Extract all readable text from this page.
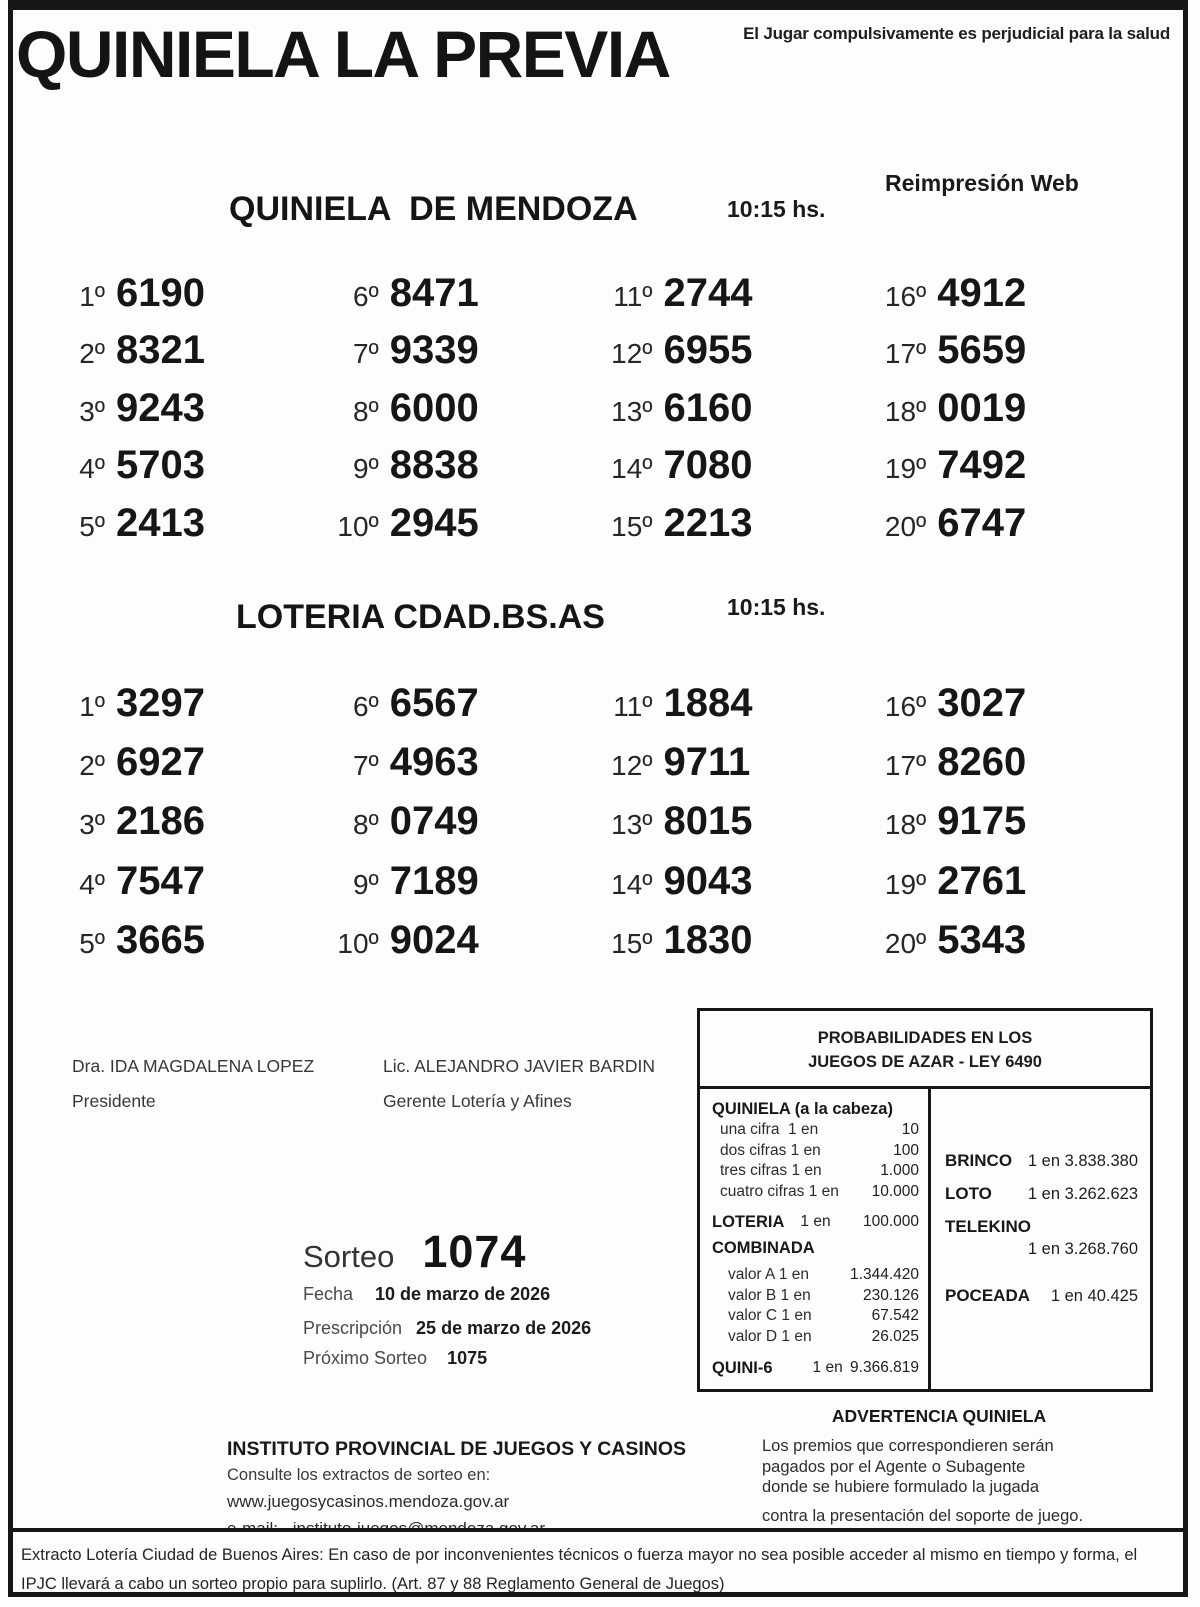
QUINIELA LA PREVIA	El Jugar compulsivamente es perjudicial para la salud
QUINIELA  DE MENDOZA	10:15 hs.
Reimpresión Web
1º 6190
2º 8321
3º 9243
4º 5703
5º 2413
6º 8471
7º 9339
8º 6000
9º 8838
10º 2945
11º 2744
12º 6955
13º 6160
14º 7080
15º 2213
16º 4912
17º 5659
18º 0019
19º 7492
20º 6747
LOTERIA CDAD.BS.AS	10:15 hs.
1º 3297
2º 6927
3º 2186
4º 7547
5º 3665
6º 6567
7º 4963
8º 0749
9º 7189
10º 9024
11º 1884
12º 9711
13º 8015
14º 9043
15º 1830
16º 3027
17º 8260
18º 9175
19º 2761
20º 5343
Dra. IDA MAGDALENA LOPEZ
Presidente
Lic. ALEJANDRO JAVIER BARDIN
Gerente Lotería y Afines
PROBABILIDADES EN LOS
JUEGOS DE AZAR - LEY 6490
QUINIELA (a la cabeza)
una cifra  1 en	10
dos cifras 1 en	100
tres cifras 1 en	1.000
cuatro cifras 1 en 10.000
LOTERIA 1 en 100.000
COMBINADA
valor A 1 en	1.344.420
valor B 1 en	230.126
valor C 1 en	67.542
valor D 1 en	26.025
QUINI-6	1 en 9.366.819
BRINCO 1 en 3.838.380
LOTO 1 en 3.262.623
TELEKINO
1 en 3.268.760
POCEADA 1 en 40.425
Sorteo 1074
Fecha 10 de marzo de 2026
Prescripción 25 de marzo de 2026
Próximo Sorteo 1075
ADVERTENCIA QUINIELA
Los premios que correspondieren serán
pagados por el Agente o Subagente
donde se hubiere formulado la jugada
contra la presentación del soporte de juego.
INSTITUTO PROVINCIAL DE JUEGOS Y CASINOS
Consulte los extractos de sorteo en:
www.juegosycasinos.mendoza.gov.ar
Extracto Lotería Ciudad de Buenos Aires: En caso de por inconvenientes técnicos o fuerza mayor no sea posible acceder al mismo en tiempo y forma, el IPJC llevará a cabo un sorteo propio para suplirlo. (Art. 87 y 88 Reglamento General de Juegos)
